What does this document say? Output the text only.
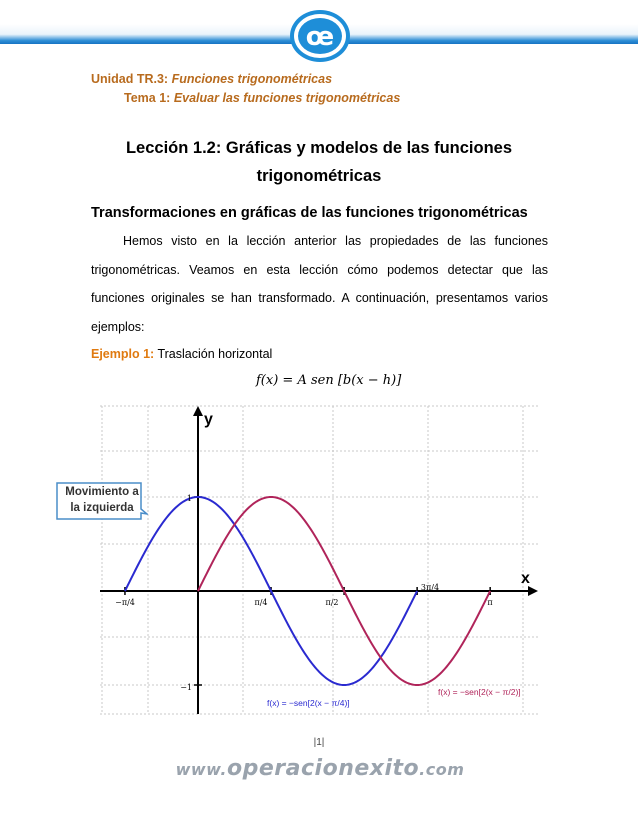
œ
Unidad TR.3: Funciones trigonométricas
Tema 1: Evaluar las funciones trigonométricas
Lección 1.2: Gráficas y modelos de las funciones
trigonométricas
Transformaciones en gráficas de las funciones trigonométricas
Hemos visto en la lección anterior las propiedades de las funciones trigonométricas. Veamos en esta lección cómo podemos detectar que las funciones originales se han transformado. A continuación, presentamos varios ejemplos:
Ejemplo 1: Traslación horizontal
f(x) = A sen [b(x − h)]
y
x
1
−1
−π/4	π/4	π/2
3π/4
π
f(x) = −sen[2(x − π/4)]
f(x) = −sen[2(x − π/2)]
Movimiento a
la izquierda
|1|
www.operacionexito.com
